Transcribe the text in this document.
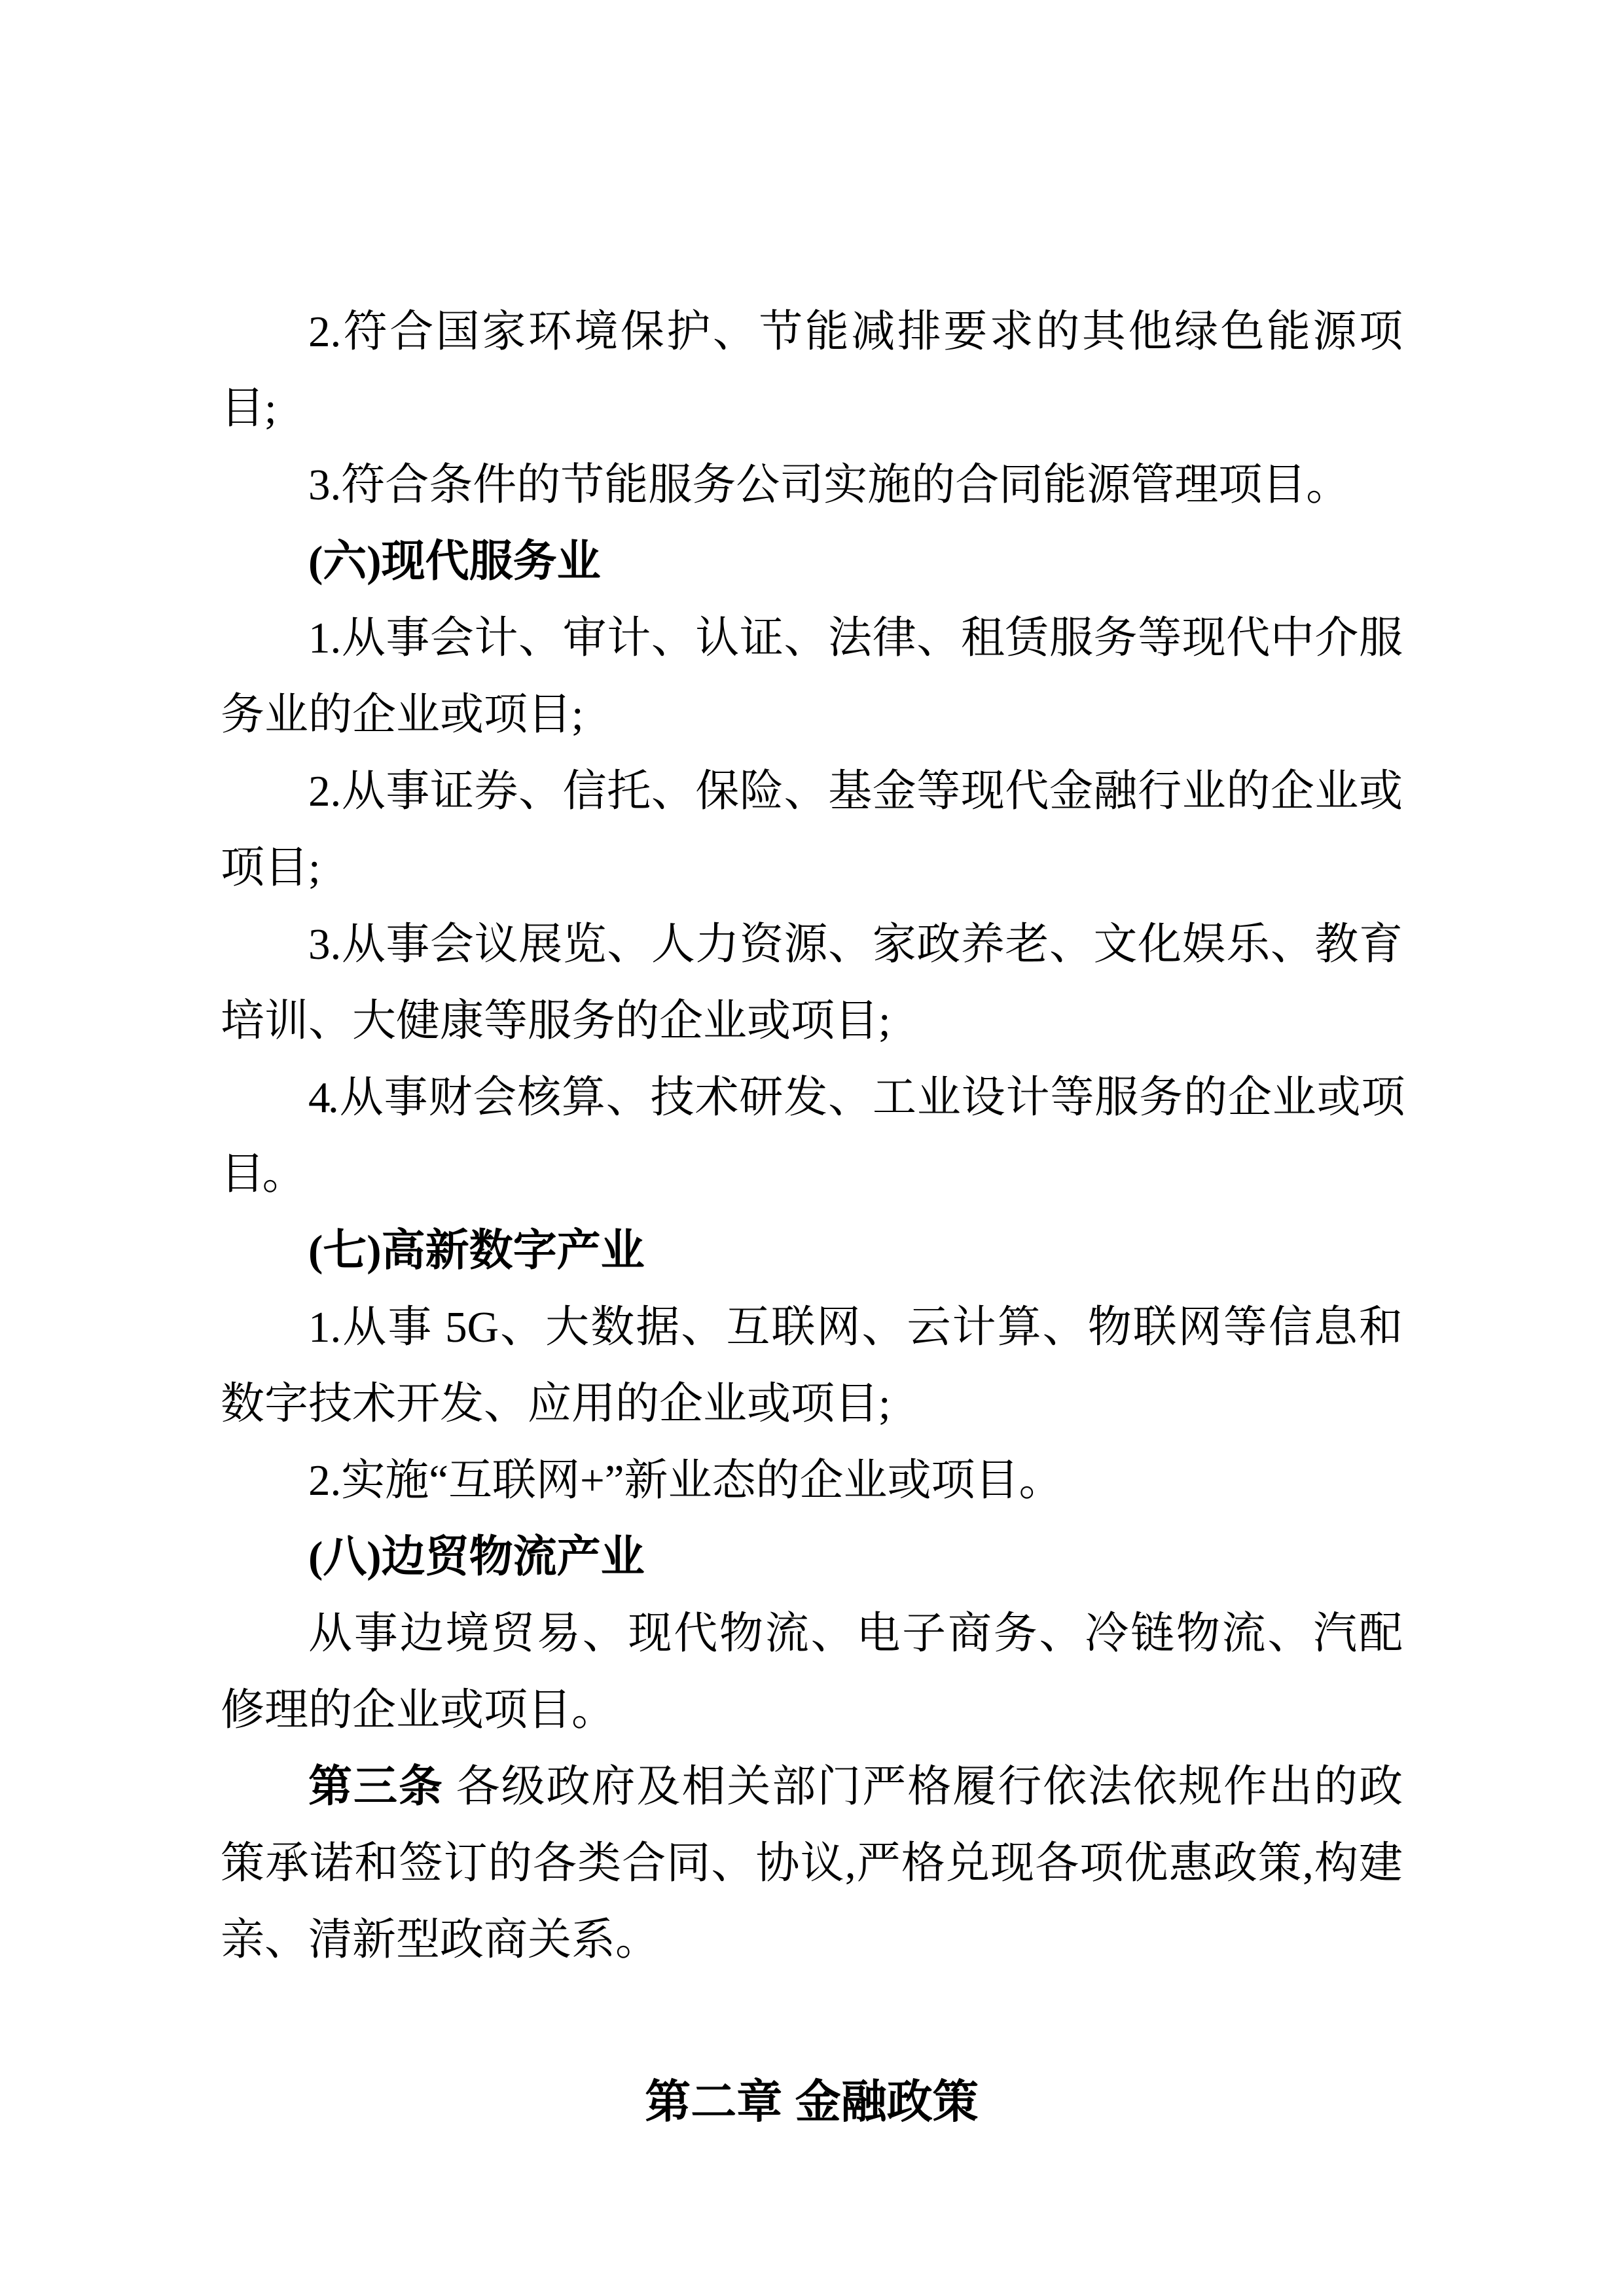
2.符合国家环境保护、节能减排要求的其他绿色能源项目;

3.符合条件的节能服务公司实施的合同能源管理项目。

(六)现代服务业

1.从事会计、审计、认证、法律、租赁服务等现代中介服务业的企业或项目;

2.从事证券、信托、保险、基金等现代金融行业的企业或项目;

3.从事会议展览、人力资源、家政养老、文化娱乐、教育培训、大健康等服务的企业或项目;

4.从事财会核算、技术研发、工业设计等服务的企业或项目。

(七)高新数字产业

1.从事 5G、大数据、互联网、云计算、物联网等信息和数字技术开发、应用的企业或项目;

2.实施“互联网+”新业态的企业或项目。

(八)边贸物流产业

从事边境贸易、现代物流、电子商务、冷链物流、汽配修理的企业或项目。

第三条 各级政府及相关部门严格履行依法依规作出的政策承诺和签订的各类合同、协议,严格兑现各项优惠政策,构建亲、清新型政商关系。

第二章 金融政策
